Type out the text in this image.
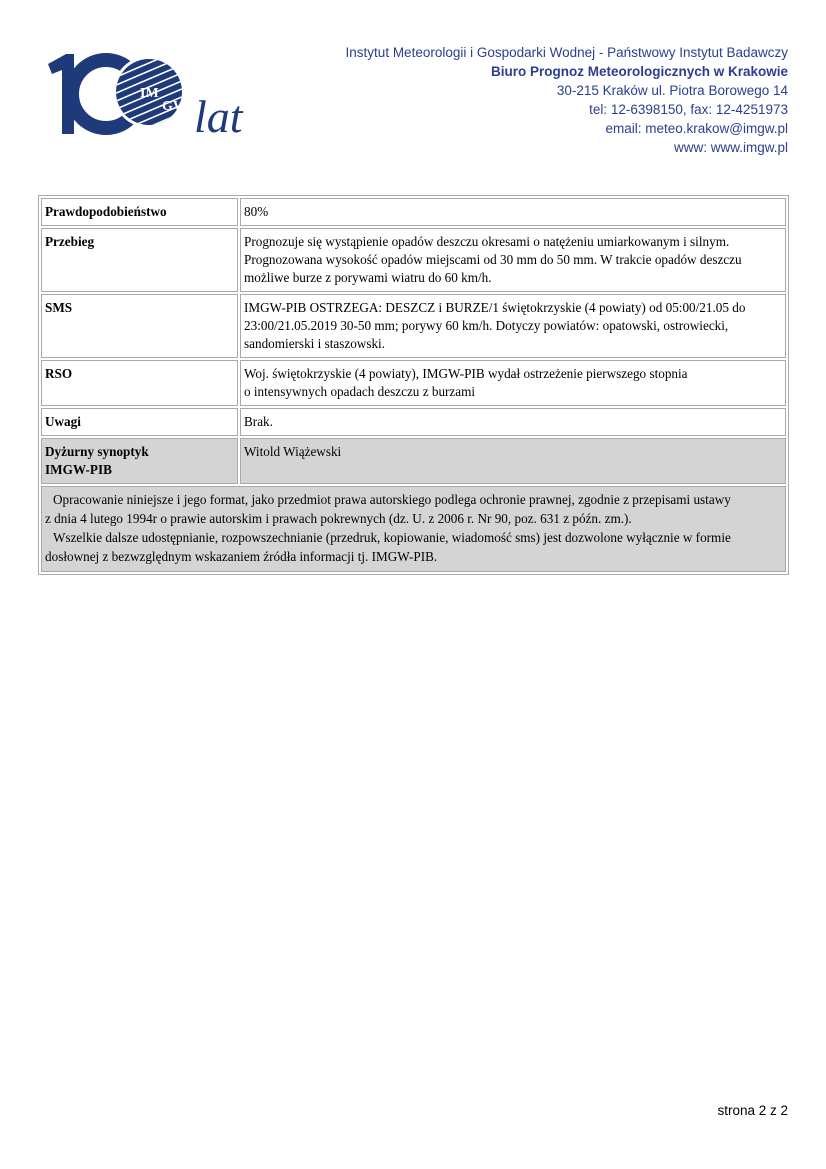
IM
GW lat
Instytut Meteorologii i Gospodarki Wodnej - Państwowy Instytut Badawczy
Biuro Prognoz Meteorologicznych w Krakowie
30-215 Kraków ul. Piotra Borowego 14
tel: 12-6398150, fax: 12-4251973
email: meteo.krakow@imgw.pl
www: www.imgw.pl
Prawdopodobieństwo	80%

Przebieg	Prognozuje się wystąpienie opadów deszczu okresami o natężeniu umiarkowanym i silnym.
Prognozowana wysokość opadów miejscami od 30 mm do 50 mm. W trakcie opadów deszczu
możliwe burze z porywami wiatru do 60 km/h.

SMS	IMGW-PIB OSTRZEGA: DESZCZ i BURZE/1 świętokrzyskie (4 powiaty) od 05:00/21.05 do
23:00/21.05.2019 30-50 mm; porywy 60 km/h. Dotyczy powiatów: opatowski, ostrowiecki,
sandomierski i staszowski.

RSO	Woj. świętokrzyskie (4 powiaty), IMGW-PIB wydał ostrzeżenie pierwszego stopnia
o intensywnych opadach deszczu z burzami

Uwagi	Brak.

Dyżurny synoptyk
IMGW-PIB	Witold Wiążewski

Opracowanie niniejsze i jego format, jako przedmiot prawa autorskiego podlega ochronie prawnej, zgodnie z przepisami ustawy
z dnia 4 lutego 1994r o prawie autorskim i prawach pokrewnych (dz. U. z 2006 r. Nr 90, poz. 631 z późn. zm.).
Wszelkie dalsze udostępnianie, rozpowszechnianie (przedruk, kopiowanie, wiadomość sms) jest dozwolone wyłącznie w formie
dosłownej z bezwzględnym wskazaniem źródła informacji tj. IMGW-PIB.	
strona 2 z 2
